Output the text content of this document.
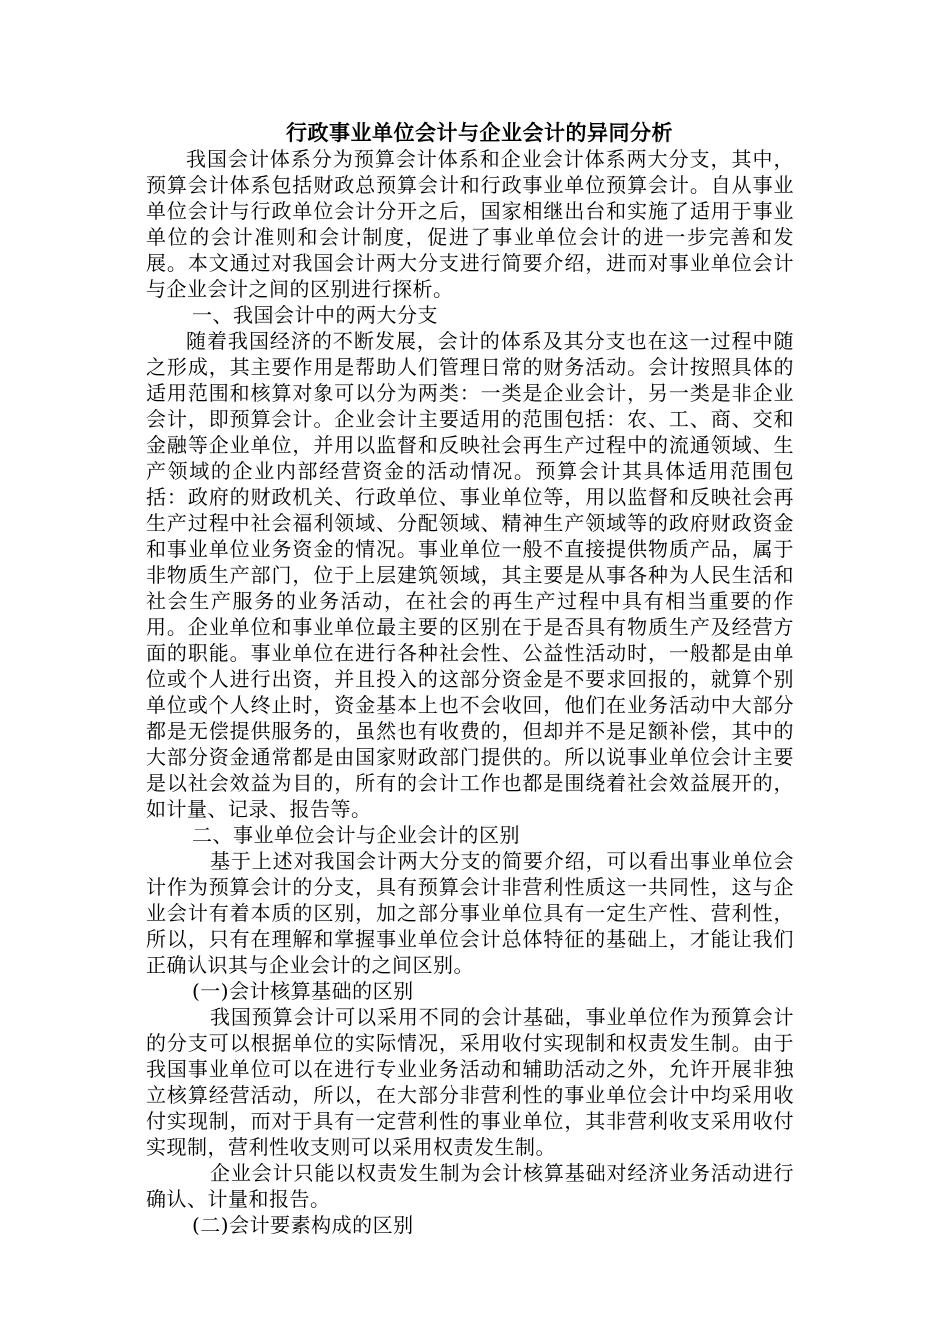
行政事业单位会计与企业会计的异同分析

我国会计体系分为预算会计体系和企业会计体系两大分支，其中，预算会计体系包括财政总预算会计和行政事业单位预算会计。自从事业单位会计与行政单位会计分开之后，国家相继出台和实施了适用于事业单位的会计准则和会计制度，促进了事业单位会计的进一步完善和发展。本文通过对我国会计两大分支进行简要介绍，进而对事业单位会计与企业会计之间的区别进行探析。

一、我国会计中的两大分支

随着我国经济的不断发展，会计的体系及其分支也在这一过程中随之形成，其主要作用是帮助人们管理日常的财务活动。会计按照具体的适用范围和核算对象可以分为两类：一类是企业会计，另一类是非企业会计，即预算会计。企业会计主要适用的范围包括：农、工、商、交和金融等企业单位，并用以监督和反映社会再生产过程中的流通领域、生产领域的企业内部经营资金的活动情况。预算会计其具体适用范围包括：政府的财政机关、行政单位、事业单位等，用以监督和反映社会再生产过程中社会福利领域、分配领域、精神生产领域等的政府财政资金和事业单位业务资金的情况。事业单位一般不直接提供物质产品，属于非物质生产部门，位于上层建筑领域，其主要是从事各种为人民生活和社会生产服务的业务活动，在社会的再生产过程中具有相当重要的作用。企业单位和事业单位最主要的区别在于是否具有物质生产及经营方面的职能。事业单位在进行各种社会性、公益性活动时，一般都是由单位或个人进行出资，并且投入的这部分资金是不要求回报的，就算个别单位或个人终止时，资金基本上也不会收回，他们在业务活动中大部分都是无偿提供服务的，虽然也有收费的，但却并不是足额补偿，其中的大部分资金通常都是由国家财政部门提供的。所以说事业单位会计主要是以社会效益为目的，所有的会计工作也都是围绕着社会效益展开的，如计量、记录、报告等。

二、事业单位会计与企业会计的区别

基于上述对我国会计两大分支的简要介绍，可以看出事业单位会计作为预算会计的分支，具有预算会计非营利性质这一共同性，这与企业会计有着本质的区别，加之部分事业单位具有一定生产性、营利性，所以，只有在理解和掌握事业单位会计总体特征的基础上，才能让我们正确认识其与企业会计的之间区别。

(一)会计核算基础的区别

我国预算会计可以采用不同的会计基础，事业单位作为预算会计的分支可以根据单位的实际情况，采用收付实现制和权责发生制。由于我国事业单位可以在进行专业业务活动和辅助活动之外，允许开展非独立核算经营活动，所以，在大部分非营利性的事业单位会计中均采用收付实现制，而对于具有一定营利性的事业单位，其非营利收支采用收付实现制，营利性收支则可以采用权责发生制。

企业会计只能以权责发生制为会计核算基础对经济业务活动进行确认、计量和报告。

(二)会计要素构成的区别
